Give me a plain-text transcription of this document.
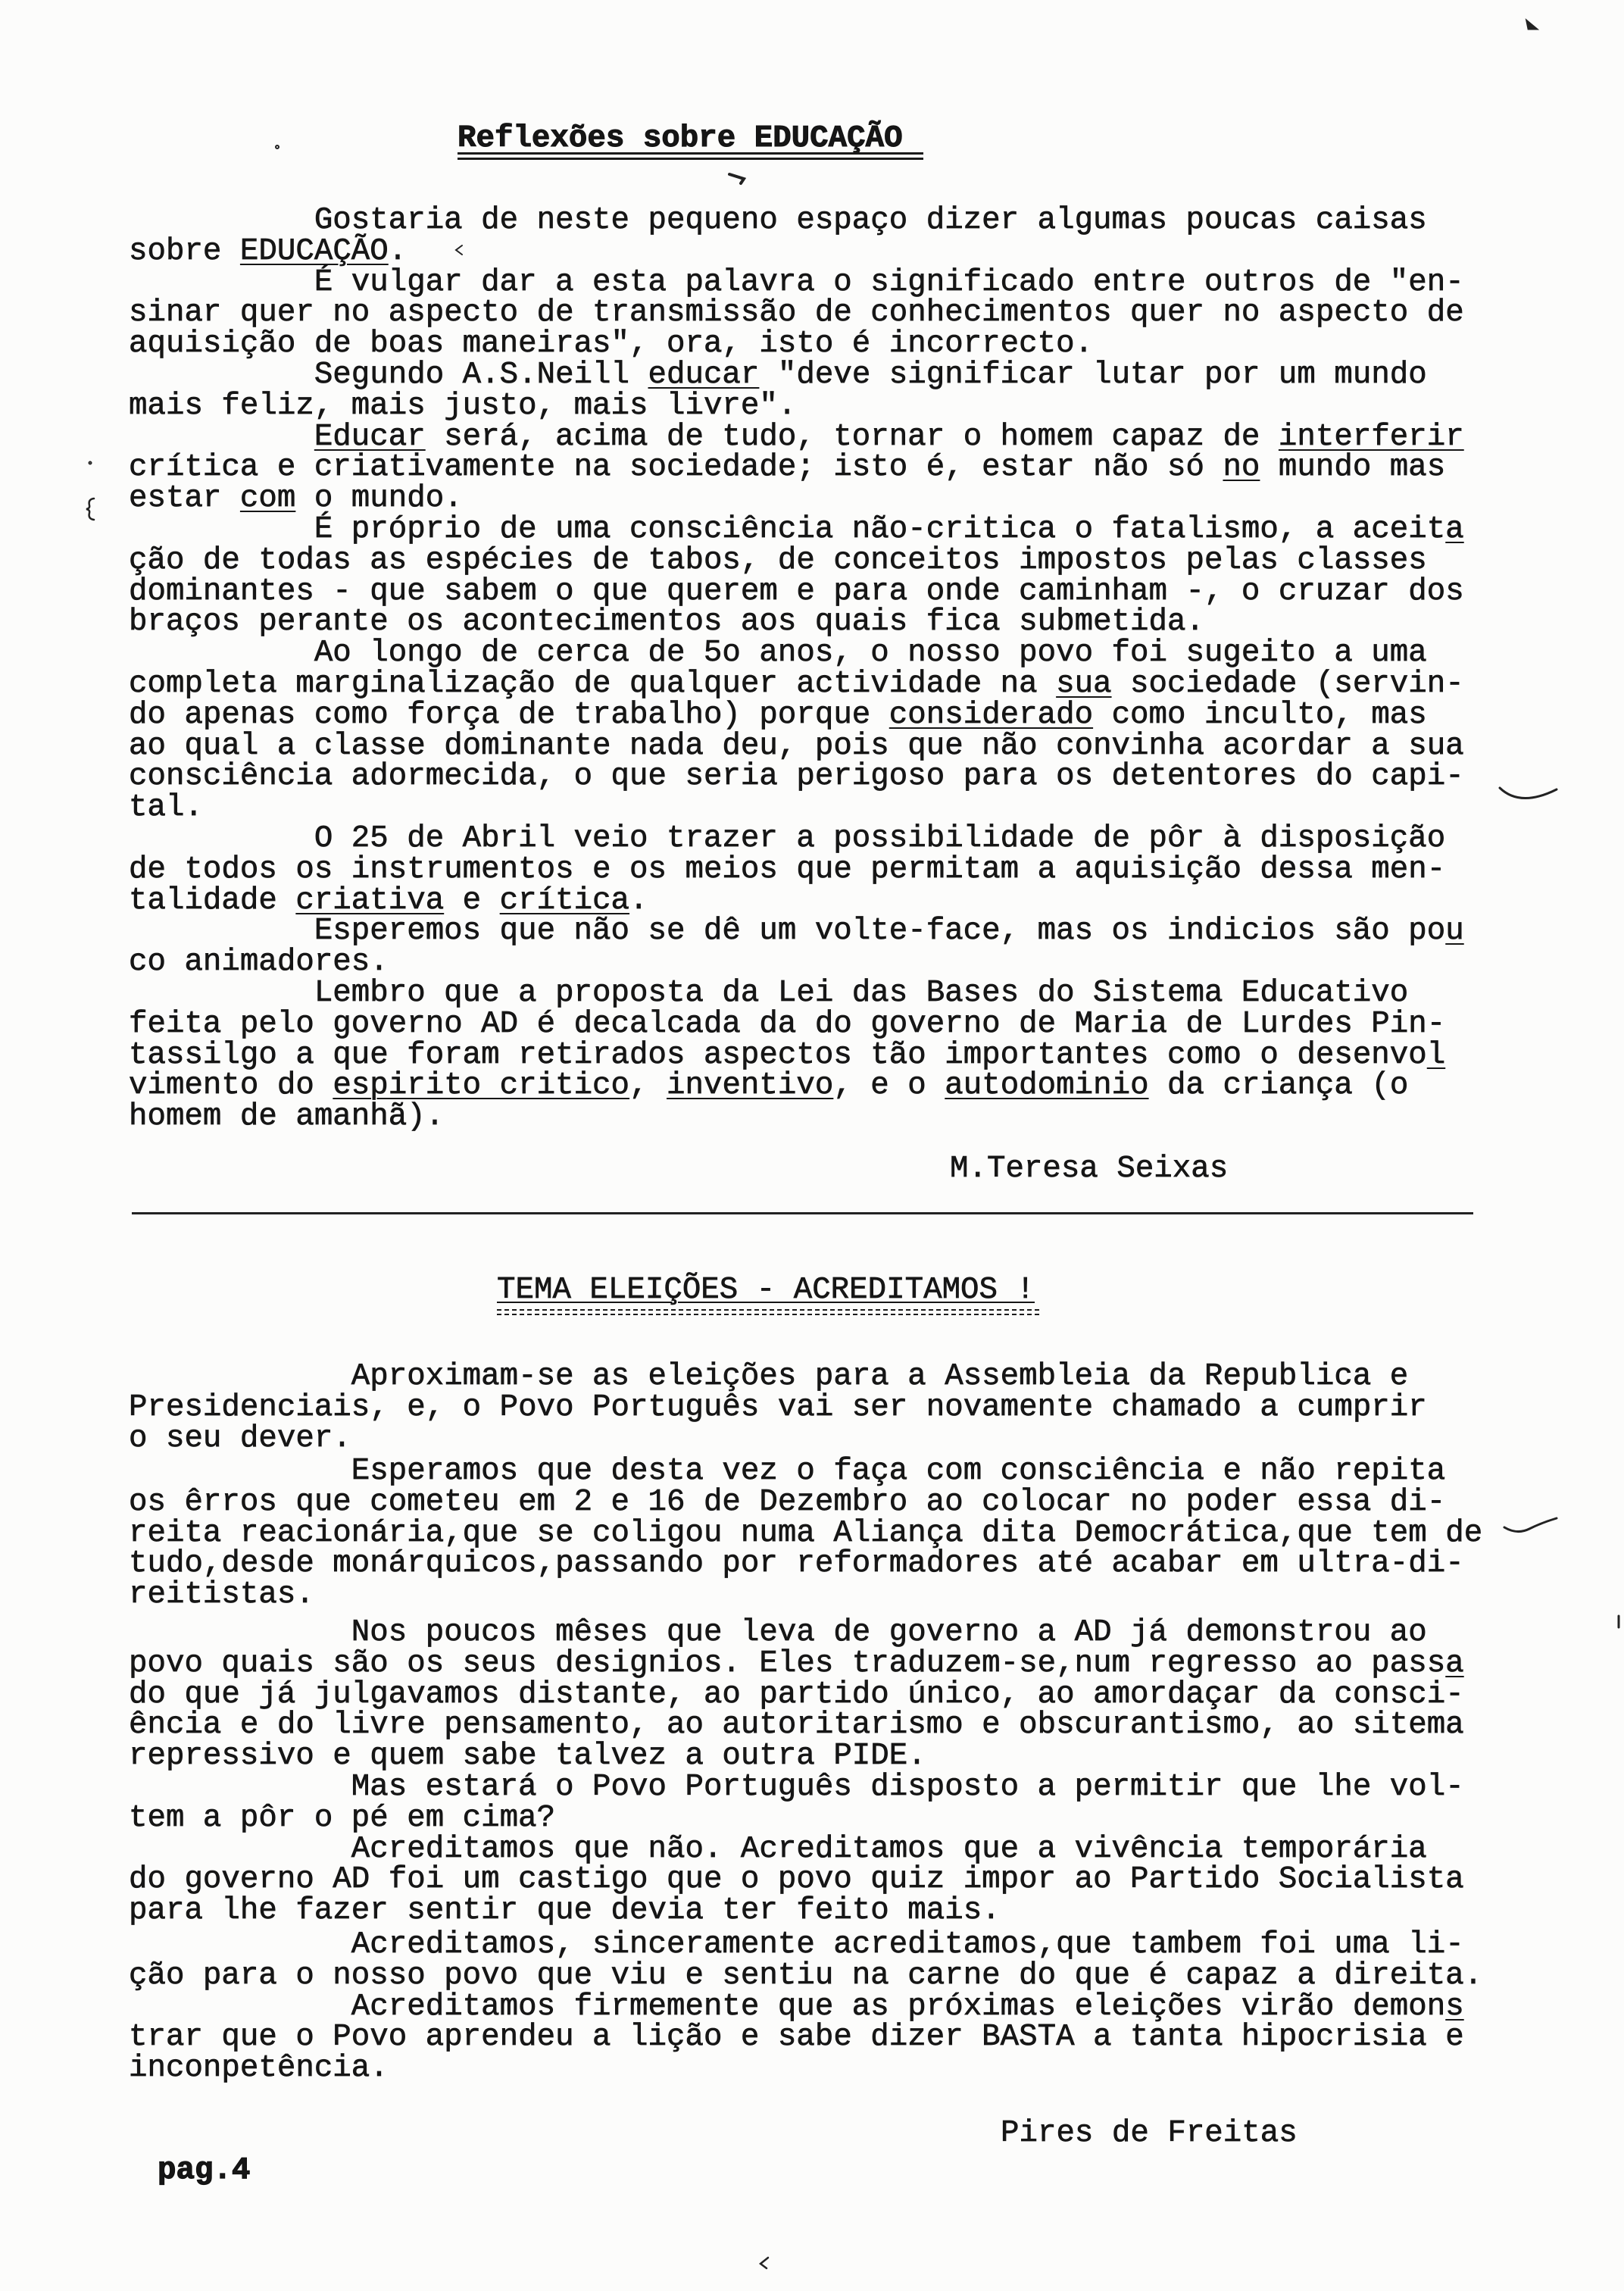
Reflexões sobre EDUCAÇÃO
Gostaria de neste pequeno espaço dizer algumas poucas caisas
sobre EDUCAÇÃO.
É vulgar dar a esta palavra o significado entre outros de "en-
sinar quer no aspecto de transmissão de conhecimentos quer no aspecto de
aquisição de boas maneiras", ora, isto é incorrecto.
Segundo A.S.Neill educar "deve significar lutar por um mundo
mais feliz, mais justo, mais livre".
Educar será, acima de tudo, tornar o homem capaz de interferir
crítica e criativamente na sociedade; isto é, estar não só no mundo mas
estar com o mundo.
É próprio de uma consciência não-critica o fatalismo, a aceita
ção de todas as espécies de tabos, de conceitos impostos pelas classes
dominantes - que sabem o que querem e para onde caminham -, o cruzar dos
braços perante os acontecimentos aos quais fica submetida.
Ao longo de cerca de 5o anos, o nosso povo foi sugeito a uma
completa marginalização de qualquer actividade na sua sociedade (servin-
do apenas como força de trabalho) porque considerado como inculto, mas
ao qual a classe dominante nada deu, pois que não convinha acordar a sua
consciência adormecida, o que seria perigoso para os detentores do capi-
tal.
O 25 de Abril veio trazer a possibilidade de pôr à disposição
de todos os instrumentos e os meios que permitam a aquisição dessa men-
talidade criativa e crítica.
Esperemos que não se dê um volte-face, mas os indicios são pou
co animadores.
Lembro que a proposta da Lei das Bases do Sistema Educativo
feita pelo governo AD é decalcada da do governo de Maria de Lurdes Pin-
tassilgo a que foram retirados aspectos tão importantes como o desenvol
vimento do espirito critico, inventivo, e o autodominio da criança (o
homem de amanhã).
M.Teresa Seixas
TEMA ELEIÇÕES - ACREDITAMOS !
Aproximam-se as eleições para a Assembleia da Republica e
Presidenciais, e, o Povo Português vai ser novamente chamado a cumprir
o seu dever.
Esperamos que desta vez o faça com consciência e não repita
os êrros que cometeu em 2 e 16 de Dezembro ao colocar no poder essa di-
reita reacionária,que se coligou numa Aliança dita Democrática,que tem de
tudo,desde monárquicos,passando por reformadores até acabar em ultra-di-
reitistas.
Nos poucos mêses que leva de governo a AD já demonstrou ao
povo quais são os seus designios. Eles traduzem-se,num regresso ao passa
do que já julgavamos distante, ao partido único, ao amordaçar da consci-
ência e do livre pensamento, ao autoritarismo e obscurantismo, ao sitema
repressivo e quem sabe talvez a outra PIDE.
Mas estará o Povo Português disposto a permitir que lhe vol-
tem a pôr o pé em cima?
Acreditamos que não. Acreditamos que a vivência temporária
do governo AD foi um castigo que o povo quiz impor ao Partido Socialista
para lhe fazer sentir que devia ter feito mais.
Acreditamos, sinceramente acreditamos,que tambem foi uma li-
ção para o nosso povo que viu e sentiu na carne do que é capaz a direita.
Acreditamos firmemente que as próximas eleições virão demons
trar que o Povo aprendeu a lição e sabe dizer BASTA a tanta hipocrisia e
inconpetência.
Pires de Freitas
pag.4
